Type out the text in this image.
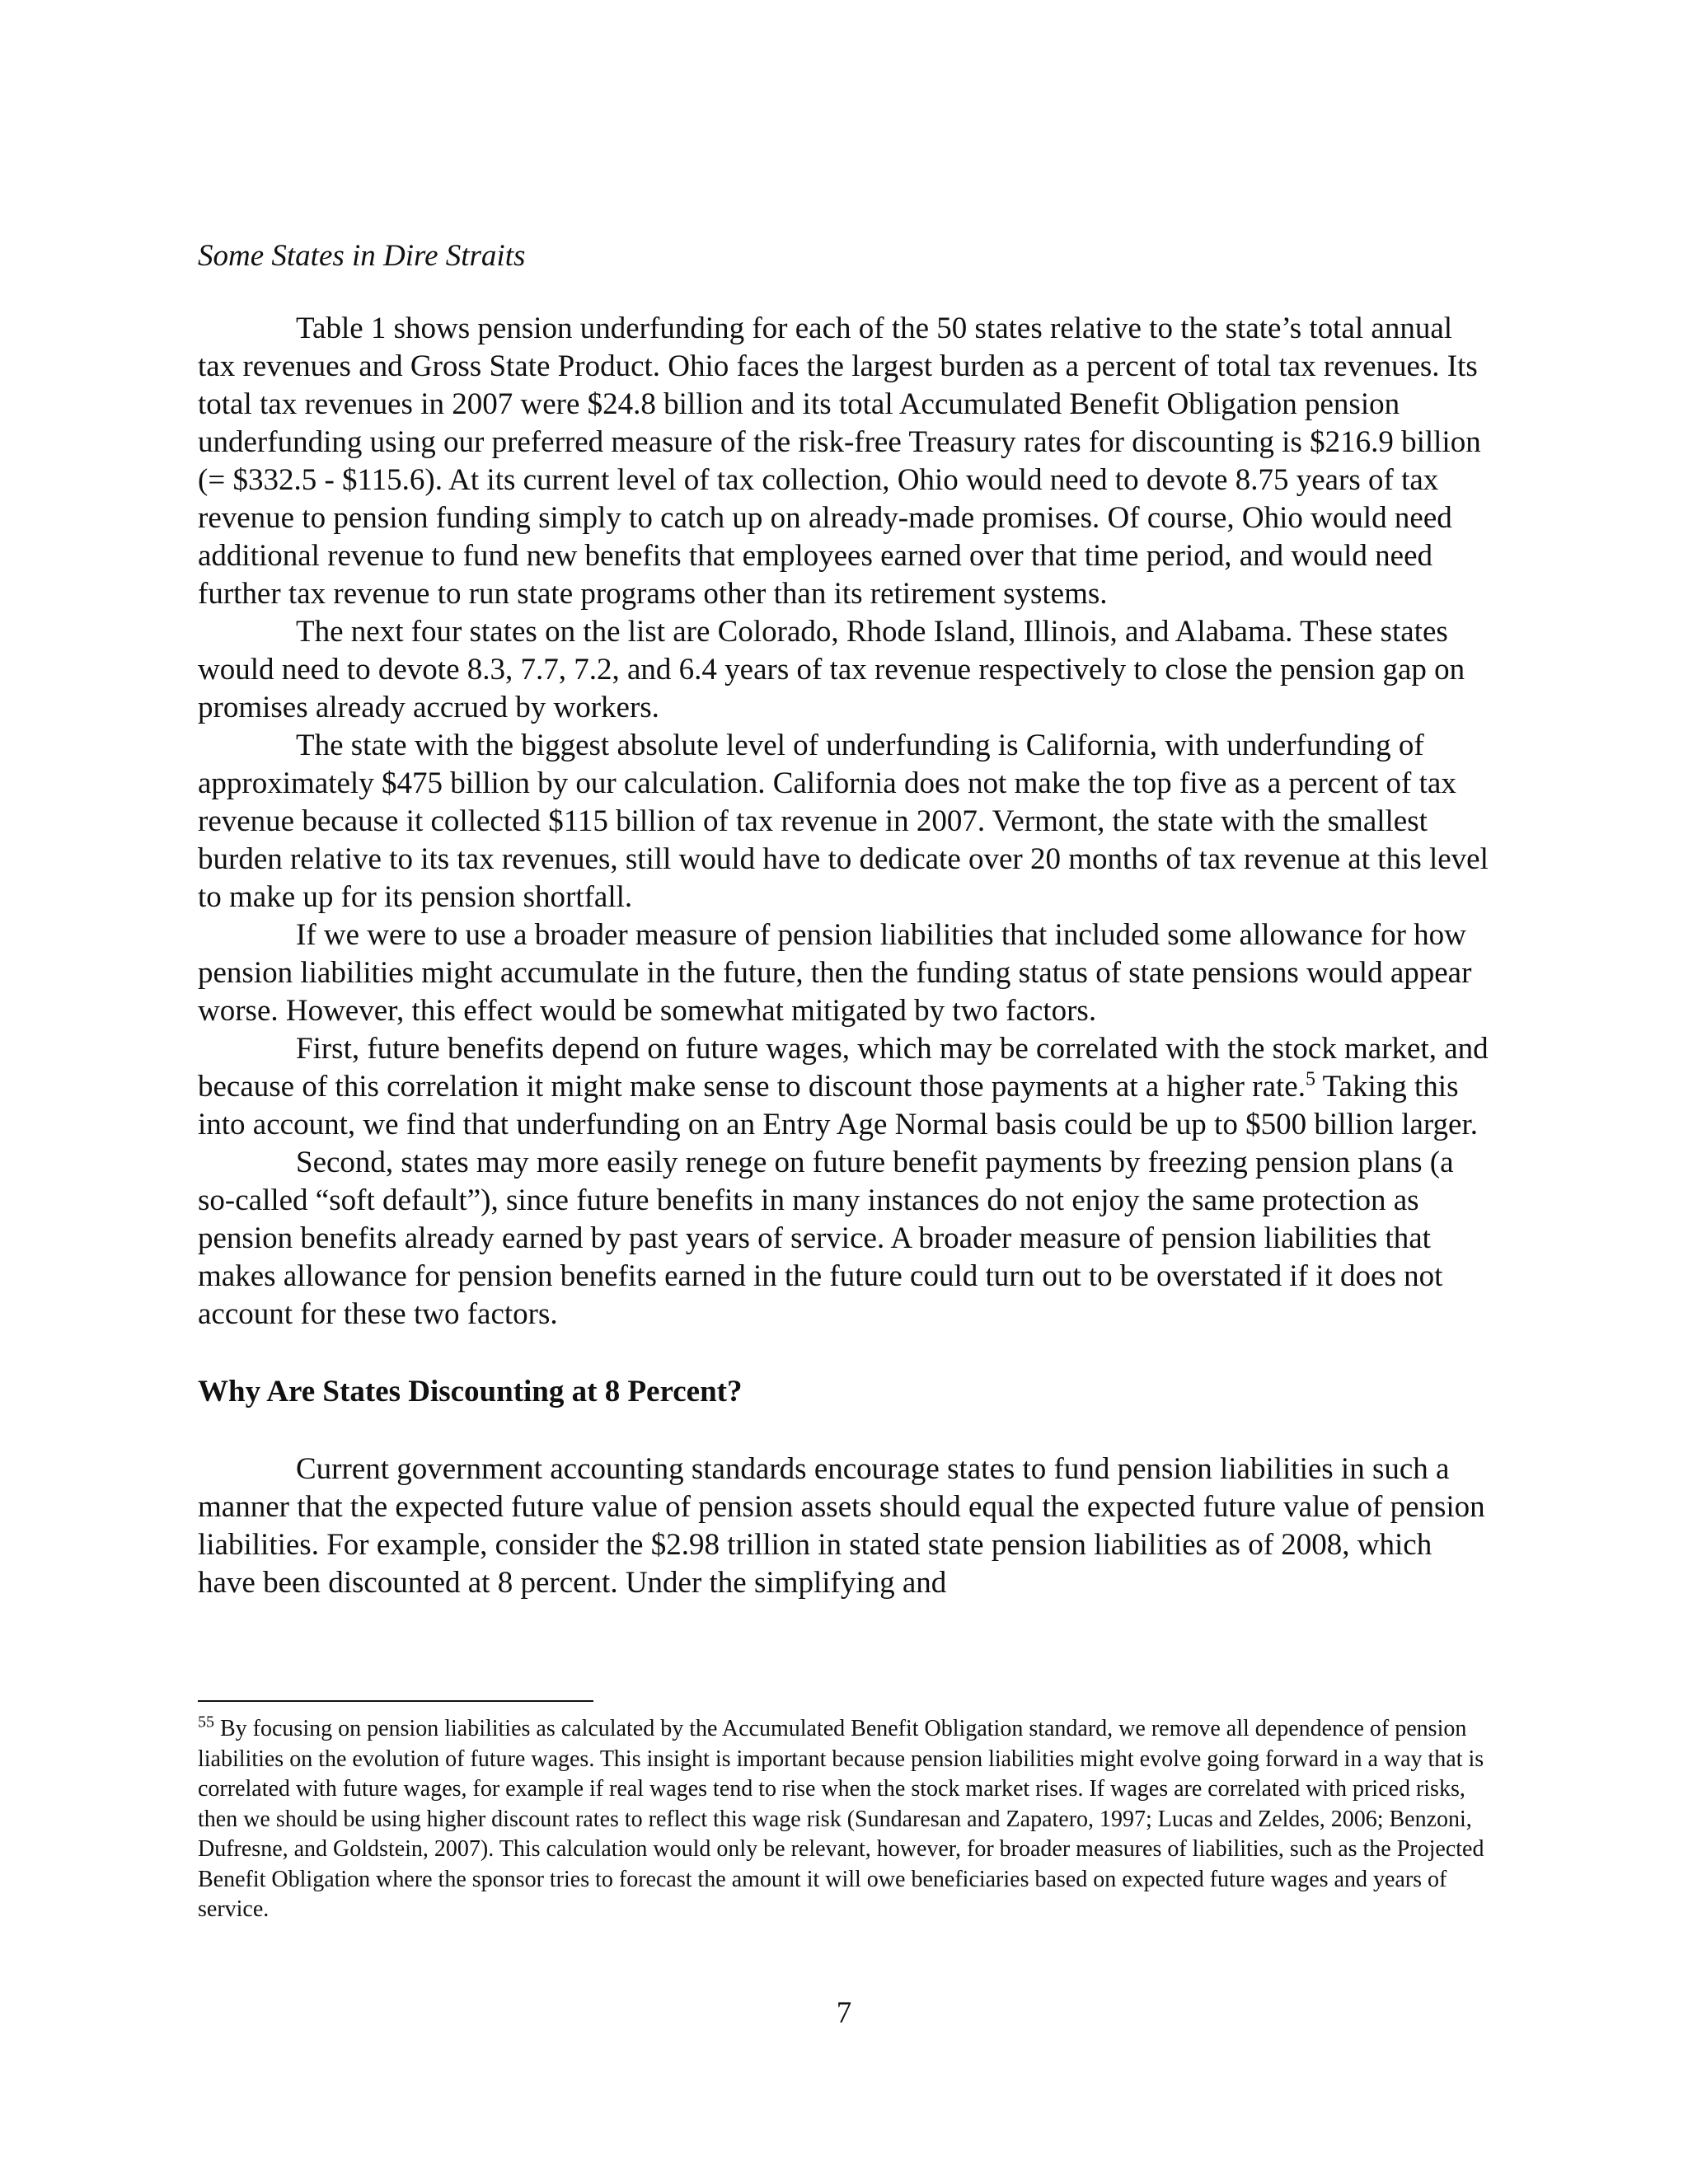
Some States in Dire Straits

Table 1 shows pension underfunding for each of the 50 states relative to the state’s total annual tax revenues and Gross State Product. Ohio faces the largest burden as a percent of total tax revenues. Its total tax revenues in 2007 were $24.8 billion and its total Accumulated Benefit Obligation pension underfunding using our preferred measure of the risk-free Treasury rates for discounting is $216.9 billion (= $332.5 - $115.6). At its current level of tax collection, Ohio would need to devote 8.75 years of tax revenue to pension funding simply to catch up on already-made promises. Of course, Ohio would need additional revenue to fund new benefits that employees earned over that time period, and would need further tax revenue to run state programs other than its retirement systems.

The next four states on the list are Colorado, Rhode Island, Illinois, and Alabama. These states would need to devote 8.3, 7.7, 7.2, and 6.4 years of tax revenue respectively to close the pension gap on promises already accrued by workers.

The state with the biggest absolute level of underfunding is California, with underfunding of approximately $475 billion by our calculation. California does not make the top five as a percent of tax revenue because it collected $115 billion of tax revenue in 2007. Vermont, the state with the smallest burden relative to its tax revenues, still would have to dedicate over 20 months of tax revenue at this level to make up for its pension shortfall.

If we were to use a broader measure of pension liabilities that included some allowance for how pension liabilities might accumulate in the future, then the funding status of state pensions would appear worse. However, this effect would be somewhat mitigated by two factors.

First, future benefits depend on future wages, which may be correlated with the stock market, and because of this correlation it might make sense to discount those payments at a higher rate.$^5$ Taking this into account, we find that underfunding on an Entry Age Normal basis could be up to $500 billion larger.

Second, states may more easily renege on future benefit payments by freezing pension plans (a so-called “soft default”), since future benefits in many instances do not enjoy the same protection as pension benefits already earned by past years of service. A broader measure of pension liabilities that makes allowance for pension benefits earned in the future could turn out to be overstated if it does not account for these two factors.

Why Are States Discounting at 8 Percent?

Current government accounting standards encourage states to fund pension liabilities in such a manner that the expected future value of pension assets should equal the expected future value of pension liabilities. For example, consider the $2.98 trillion in stated state pension liabilities as of 2008, which have been discounted at 8 percent. Under the simplifying and

$^{55}$ By focusing on pension liabilities as calculated by the Accumulated Benefit Obligation standard, we remove all dependence of pension liabilities on the evolution of future wages. This insight is important because pension liabilities might evolve going forward in a way that is correlated with future wages, for example if real wages tend to rise when the stock market rises. If wages are correlated with priced risks, then we should be using higher discount rates to reflect this wage risk (Sundaresan and Zapatero, 1997; Lucas and Zeldes, 2006; Benzoni, Dufresne, and Goldstein, 2007). This calculation would only be relevant, however, for broader measures of liabilities, such as the Projected Benefit Obligation where the sponsor tries to forecast the amount it will owe beneficiaries based on expected future wages and years of service.
7
